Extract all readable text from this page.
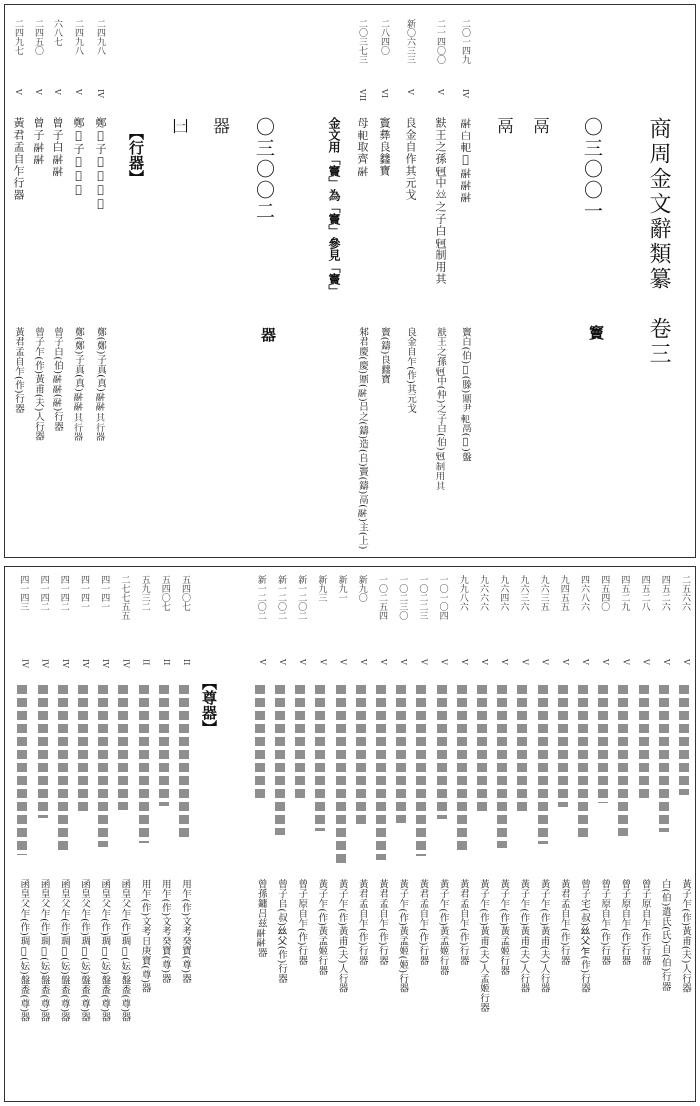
商周金文辭類纂　卷三
〇三〇〇一
竇
鬲
鬲
二〇一四九
IV
𩰫白𨊠𨍺𩰫𩰫𩰫
竇白(伯)𨍺(滕)鼏尹𨊠鬲(𡴃)盤
二一四〇〇
V
㝬王之孫𣄰中𢆶之子白𣄰制用其
㝬王之孫𣄰中(仲)之子白(伯)𣄰制用其
新〇六三三
V
良金自作其元戈
良金自乍(作)其元戈
二八四〇
VI
竇彝良𨰻寶
竇(鑄)良𨰻寶
二〇三七三
VII
母𨊠取齊𩰫
金文用「竇」為「竇」參見「竇」
邾君慶(慶)鼏(𩰫)吕之(鑄)造(𠂤)竇(鑄)鬲(𩰫)主(上)
〇三〇〇二
器
器
𠙵
【行器】
二四九八
IV
鄭𡧊子𤬪𩰫𩰫𩰫
鄭(鄭)子真(真)𩰫𩰫其行器
二四九八
V
鄭𡧊子𤬪𩰫𩰫
鄭(鄭)子真(真)𩰫𩰫其行器
六八七
V
曾子白𩰫𩰫
曾子白(伯)𩰫𩰫(𩰫)行器
二四五〇
V
曾子𩰫𩰫
曾子乍(作)黃甫(夫)人行器
二四九七
V
黃君孟自乍行器
黃君孟自乍(作)行器
【尊器】
二五六六
V
黃子乍(作)黃甫(夫)人行器
四五二六
V
白(伯)遣氏(氏)自(伯)行器
四五二八
V
曾子原自乍(作)行器
四五二九
V
曾子原自乍(作)行器
四五四〇
V
曾子原自乍(作)行器
四六八六
V
曾子宅(叔)𢆶父乍(作)行器
九四五五
V
黃君孟自乍(作)行器
九六三五
V
黃子乍(作)黃甫(夫)人行器
九六三六
V
黃子乍(作)黃甫(夫)人行器
九六四六
V
黃子乍(作)黃孟姬行器
九六六六
V
黃子乍(作)黃甫(夫)人孟姬行器
九九八六
V
黃君孟自乍(作)行器
一〇一〇四
V
黃子乍(作)黃孟姬行器
一〇二二三
V
黃君孟自乍(作)行器
一〇二三〇
V
黃子乍(作)黃孟姬(姬)行器
一〇二五四
V
黃君孟自乍(作)行器
新九〇
V
黃君孟自乍(作)行器
新九一
V
黃子乍(作)黃甫(夫)人行器
新九三
V
黃子乍(作)黃孟姬行器
新一二〇二
V
曾子原自乍(作)行器
新一二〇二
V
曾子𠂤(叔)𢆶父(作)行器
新一二〇二
V
曾孫鏞吕兹𩰫𩰫器
五四〇七
II
用乍(作)文考癸寶(尊)器
五四〇七
II
用乍(作)文考癸寶(尊)器
五九三二
II
用乍(作)文考日庚寶(尊)器
二七七五五
IV
函皇父乍(作)琱𡚬(妘)盤盉(尊)器
四一四一
IV
函皇父乍(作)琱𡚬(妘)盤盉(尊)器
四一四一
IV
函皇父乍(作)琱𡚬(妘)盤盉(尊)器
四一四二
IV
函皇父乍(作)琱𡚬(妘)盤盉(尊)器
四一四二
IV
函皇父乍(作)琱𡚬(妘)盤盉(尊)器
四一四三
IV
函皇父乍(作)琱𡚬(妘)盤盉(尊)器
